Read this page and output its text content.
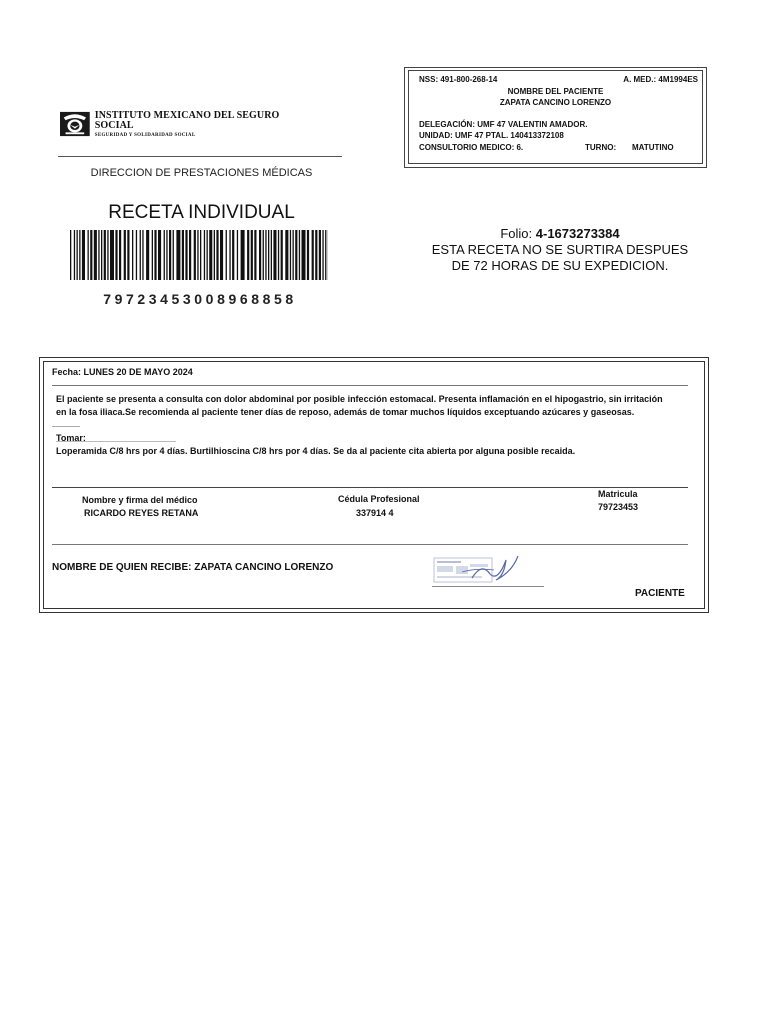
INSTITUTO MEXICANO DEL SEGURO SOCIAL
SEGURIDAD Y SOLIDARIDAD SOCIAL
DIRECCION DE PRESTACIONES MÉDICAS
RECETA INDIVIDUAL
79723453008968858
NSS: 491-800-268-14	A. MED.: 4M1994ES
NOMBRE DEL PACIENTE
ZAPATA CANCINO LORENZO
DELEGACIÓN: UMF 47 VALENTIN AMADOR.
UNIDAD: UMF 47 PTAL. 140413372108
CONSULTORIO MEDICO: 6.	TURNO: MATUTINO
Folio: 4-1673273384
ESTA RECETA NO SE SURTIRA DESPUES
DE 72 HORAS DE SU EXPEDICION.
Fecha: LUNES 20 DE MAYO 2024
El paciente se presenta a consulta con dolor abdominal por posible infección estomacal. Presenta inflamación en el hipogastrio, sin irritación
en la fosa iliaca.Se recomienda al paciente tener días de reposo, además de tomar muchos líquidos exceptuando azúcares y gaseosas.
Tomar:
Loperamida C/8 hrs por 4 días. Burtilhioscina C/8 hrs por 4 días. Se da al paciente cita abierta por alguna posible recaida.
Nombre y firma del médico
RICARDO REYES RETANA
Cédula Profesional
337914 4
Matricula
79723453
NOMBRE DE QUIEN RECIBE: ZAPATA CANCINO LORENZO
PACIENTE
